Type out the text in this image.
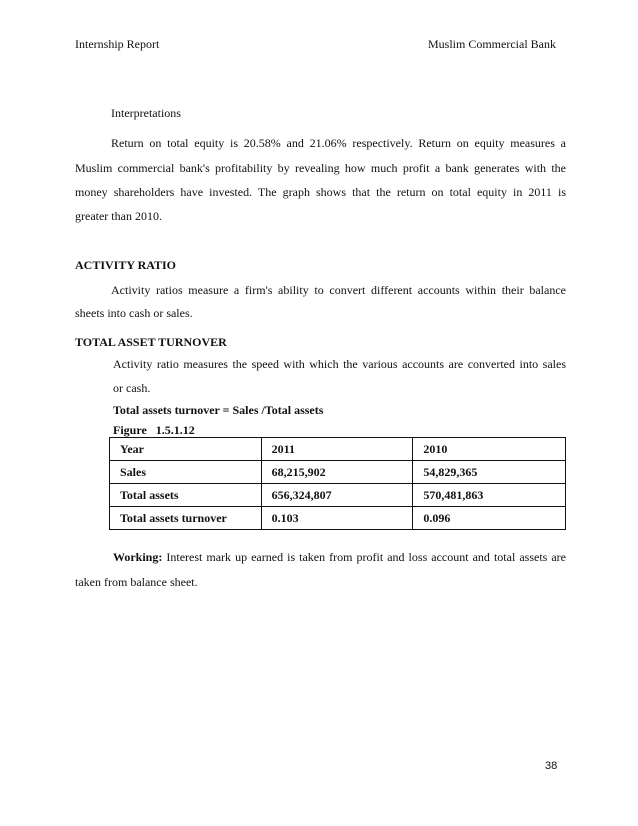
Internship Report	Muslim Commercial Bank
Interpretations
Return on total equity is 20.58% and 21.06% respectively. Return on equity measures a
Muslim commercial bank's profitability by revealing how much profit a bank generates with the
money shareholders have invested. The graph shows that the return on total equity in 2011 is
greater than 2010.
ACTIVITY RATIO
Activity ratios measure a firm's ability to convert different accounts within their balance
sheets into cash or sales.
TOTAL ASSET TURNOVER
Activity ratio measures the speed with which the various accounts are converted into sales
or cash.
Total assets turnover = Sales /Total assets
Figure   1.5.1.12
Year	2011	2010
Sales	68,215,902	54,829,365
Total assets	656,324,807	570,481,863
Total assets turnover	0.103	0.096
Working: Interest mark up earned is taken from profit and loss account and total assets are
taken from balance sheet.
38
